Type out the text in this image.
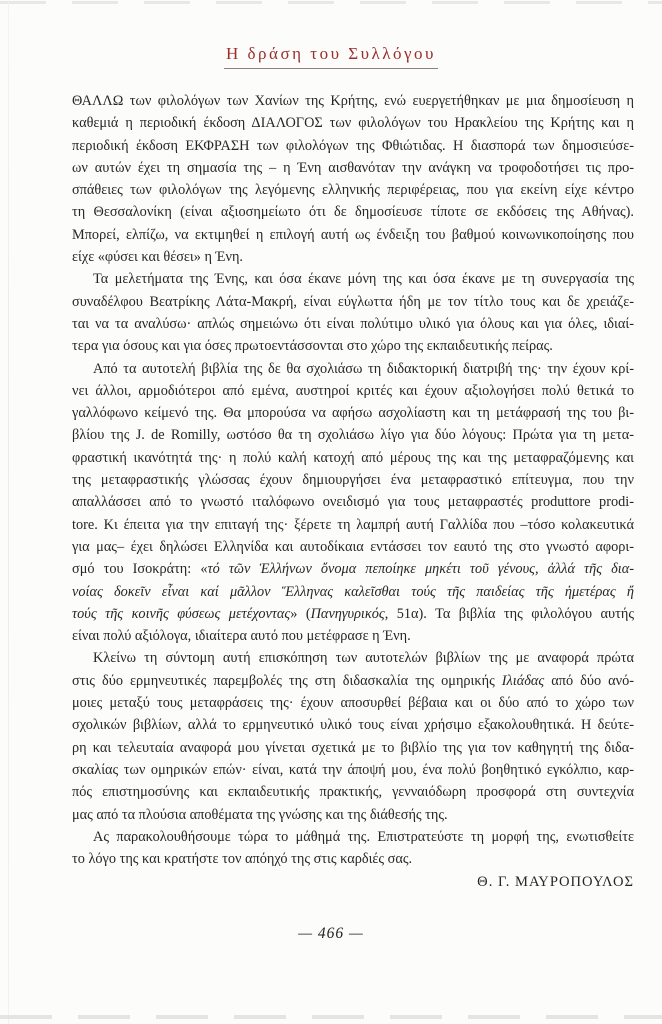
Η δράση του Συλλόγου
ΘΑΛΛΩ των φιλολόγων των Χανίων της Κρήτης, ενώ ευεργετήθηκαν με μια δημοσίευση η
καθεμιά η περιοδική έκδοση ΔΙΑΛΟΓΟΣ των φιλολόγων του Ηρακλείου της Κρήτης και η
περιοδική έκδοση ΕΚΦΡΑΣΗ των φιλολόγων της Φθιώτιδας. Η διασπορά των δημοσιεύσε-
ων αυτών έχει τη σημασία της – η Ένη αισθανόταν την ανάγκη να τροφοδοτήσει τις προ-
σπάθειες των φιλολόγων της λεγόμενης ελληνικής περιφέρειας, που για εκείνη είχε κέντρο
τη Θεσσαλονίκη (είναι αξιοσημείωτο ότι δε δημοσίευσε τίποτε σε εκδόσεις της Αθήνας).
Μπορεί, ελπίζω, να εκτιμηθεί η επιλογή αυτή ως ένδειξη του βαθμού κοινωνικοποίησης που
είχε «φύσει και θέσει» η Ένη.
Τα μελετήματα της Ένης, και όσα έκανε μόνη της και όσα έκανε με τη συνεργασία της
συναδέλφου Βεατρίκης Λάτα-Μακρή, είναι εύγλωττα ήδη με τον τίτλο τους και δε χρειάζε-
ται να τα αναλύσω· απλώς σημειώνω ότι είναι πολύτιμο υλικό για όλους και για όλες, ιδιαί-
τερα για όσους και για όσες πρωτοεντάσσονται στο χώρο της εκπαιδευτικής πείρας.
Από τα αυτοτελή βιβλία της δε θα σχολιάσω τη διδακτορική διατριβή της· την έχουν κρί-
νει άλλοι, αρμοδιότεροι από εμένα, αυστηροί κριτές και έχουν αξιολογήσει πολύ θετικά το
γαλλόφωνο κείμενό της. Θα μπορούσα να αφήσω ασχολίαστη και τη μετάφρασή της του βι-
βλίου της J. de Romilly, ωστόσο θα τη σχολιάσω λίγο για δύο λόγους: Πρώτα για τη μετα-
φραστική ικανότητά της· η πολύ καλή κατοχή από μέρους της και της μεταφραζόμενης και
της μεταφραστικής γλώσσας έχουν δημιουργήσει ένα μεταφραστικό επίτευγμα, που την
απαλλάσσει από το γνωστό ιταλόφωνο ονειδισμό για τους μεταφραστές produttore prodi-
tore. Κι έπειτα για την επιταγή της· ξέρετε τη λαμπρή αυτή Γαλλίδα που –τόσο κολακευτικά
για μας– έχει δηλώσει Ελληνίδα και αυτοδίκαια εντάσσει τον εαυτό της στο γνωστό αφορι-
σμό του Ισοκράτη: «τό τῶν Ἑλλήνων ὄνομα πεποίηκε μηκέτι τοῦ γένους, ἀλλά τῆς δια-
νοίας δοκεῖν εἶναι καί μᾶλλον Ἕλληνας καλεῖσθαι τούς τῆς παιδείας τῆς ἡμετέρας ἤ
τούς τῆς κοινῆς φύσεως μετέχοντας» (Πανηγυρικός, 51α). Τα βιβλία της φιλολόγου αυτής
είναι πολύ αξιόλογα, ιδιαίτερα αυτό που μετέφρασε η Ένη.
Κλείνω τη σύντομη αυτή επισκόπηση των αυτοτελών βιβλίων της με αναφορά πρώτα
στις δύο ερμηνευτικές παρεμβολές της στη διδασκαλία της ομηρικής Ιλιάδας από δύο ανό-
μοιες μεταξύ τους μεταφράσεις της· έχουν αποσυρθεί βέβαια και οι δύο από το χώρο των
σχολικών βιβλίων, αλλά το ερμηνευτικό υλικό τους είναι χρήσιμο εξακολουθητικά. Η δεύτε-
ρη και τελευταία αναφορά μου γίνεται σχετικά με το βιβλίο της για τον καθηγητή της διδα-
σκαλίας των ομηρικών επών· είναι, κατά την άποψή μου, ένα πολύ βοηθητικό εγκόλπιο, καρ-
πός επιστημοσύνης και εκπαιδευτικής πρακτικής, γενναιόδωρη προσφορά στη συντεχνία
μας από τα πλούσια αποθέματα της γνώσης και της διάθεσής της.
Ας παρακολουθήσουμε τώρα το μάθημά της. Επιστρατεύστε τη μορφή της, ενωτισθείτε
το λόγο της και κρατήστε τον απόηχό της στις καρδιές σας.
Θ. Γ. ΜΑΥΡΟΠΟΥΛΟΣ
— 466 —
